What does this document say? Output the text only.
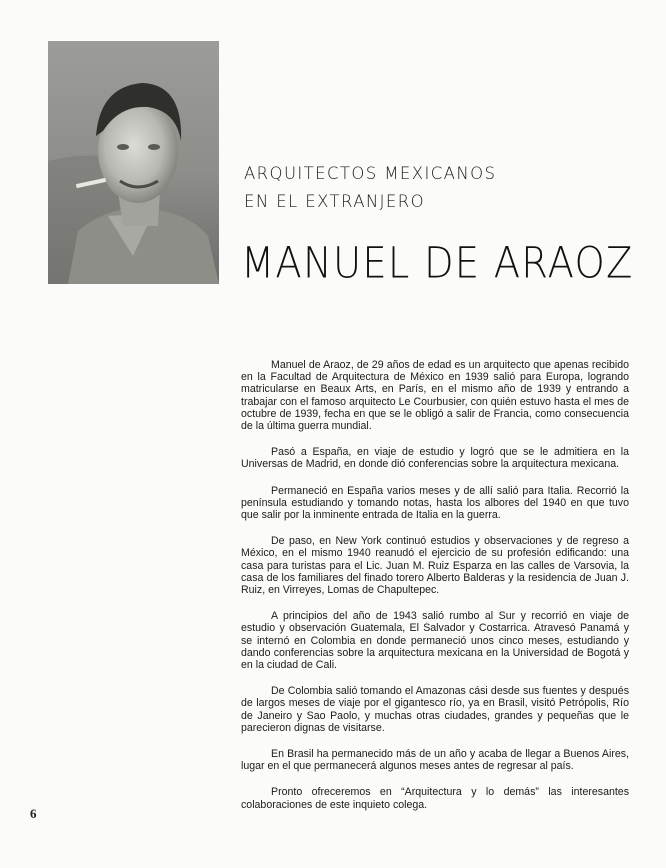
ARQUITECTOS MEXICANOS
EN EL EXTRANJERO
MANUEL DE ARAOZ

Manuel de Araoz, de 29 años de edad es un arquitecto que apenas recibido en la Facultad de Arquitectura de México en 1939 salió para Europa, logrando matricularse en Beaux Arts, en París, en el mismo año de 1939 y entrando a trabajar con el famoso arquitecto Le Courbusier, con quién estuvo hasta el mes de octubre de 1939, fecha en que se le obligó a salir de Francia, como consecuencia de la última guerra mundial.

Pasó a España, en viaje de estudio y logró que se le admitiera en la Universas de Madrid, en donde dió conferencias sobre la arquitectura mexicana.

Permaneció en España varios meses y de allí salió para Italia. Recorrió la península estudiando y tomando notas, hasta los albores del 1940 en que tuvo que salir por la inminente entrada de Italia en la guerra.

De paso, en New York continuó estudios y observaciones y de regreso a México, en el mismo 1940 reanudó el ejercicio de su profesión edificando: una casa para turistas para el Lic. Juan M. Ruiz Esparza en las calles de Varsovia, la casa de los familiares del finado torero Alberto Balderas y la residencia de Juan J. Ruiz, en Virreyes, Lomas de Chapultepec.

A principios del año de 1943 salió rumbo al Sur y recorrió en viaje de estudio y observación Guatemala, El Salvador y Costarrica. Atravesó Panamá y se internó en Colombia en donde permaneció unos cinco meses, estudiando y dando conferencias sobre la arquitectura mexicana en la Universidad de Bogotá y en la ciudad de Cali.

De Colombia salió tomando el Amazonas cási desde sus fuentes y después de largos meses de viaje por el gigantesco río, ya en Brasil, visitó Petrópolis, Río de Janeiro y Sao Paolo, y muchas otras ciudades, grandes y pequeñas que le parecieron dignas de visitarse.

En Brasil ha permanecido más de un año y acaba de llegar a Buenos Aires, lugar en el que permanecerá algunos meses antes de regresar al país.

Pronto ofreceremos en “Arquitectura y lo demás” las interesantes colaboraciones de este inquieto colega.

6
